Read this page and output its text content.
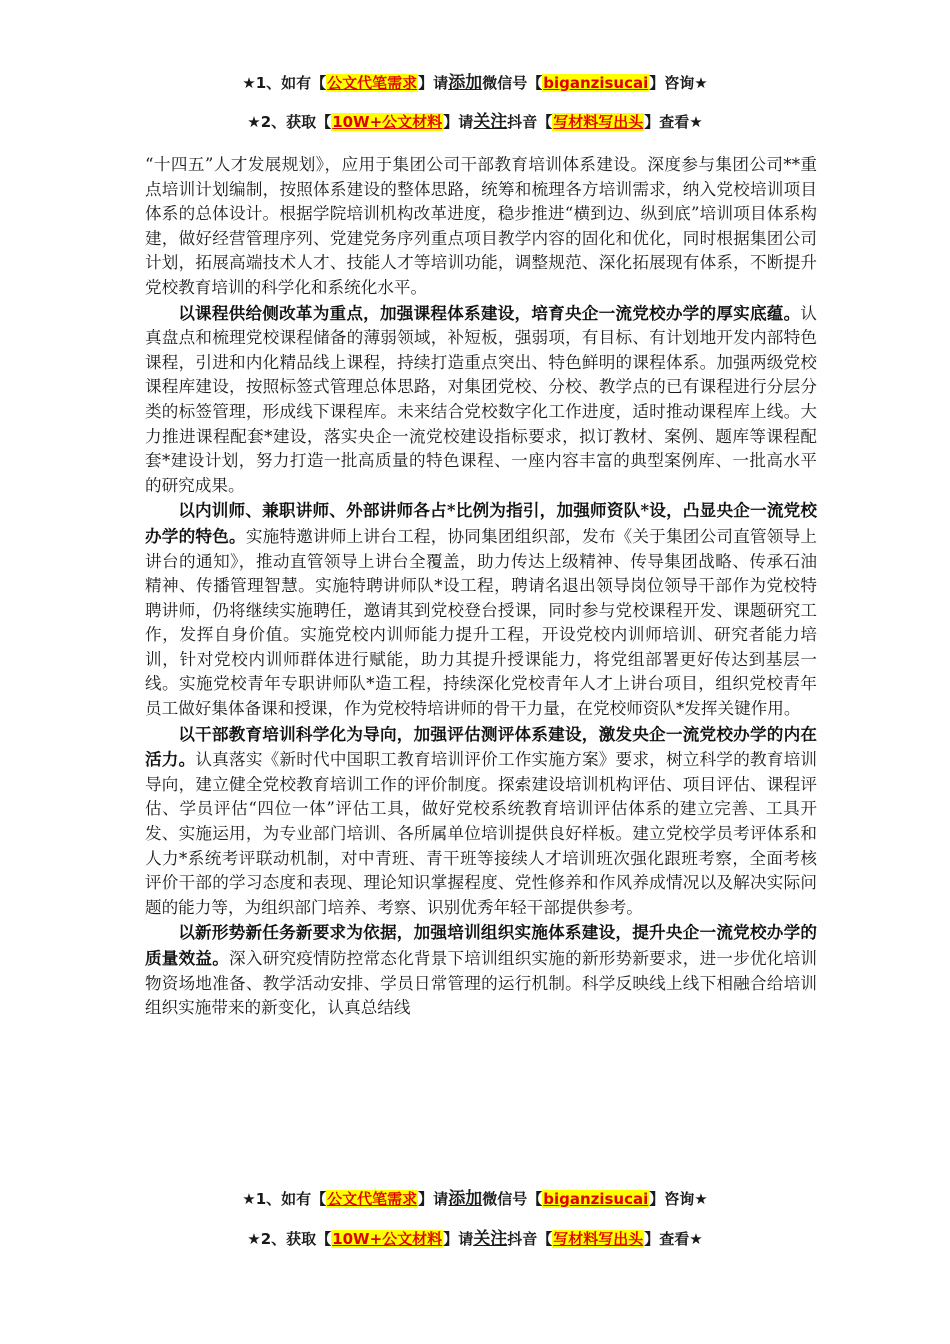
★1、如有【公文代笔需求】请添加微信号【biganzisucai】咨询★
★2、获取【10W+公文材料】请关注抖音【写材料写出头】查看★

“十四五”人才发展规划》，应用于集团公司干部教育培训体系建设。深度参与集团公司**重点培训计划编制，按照体系建设的整体思路，统筹和梳理各方培训需求，纳入党校培训项目体系的总体设计。根据学院培训机构改革进度，稳步推进“横到边、纵到底”培训项目体系构建，做好经营管理序列、党建党务序列重点项目教学内容的固化和优化，同时根据集团公司计划，拓展高端技术人才、技能人才等培训功能，调整规范、深化拓展现有体系，不断提升党校教育培训的科学化和系统化水平。

以课程供给侧改革为重点，加强课程体系建设，培育央企一流党校办学的厚实底蕴。认真盘点和梳理党校课程储备的薄弱领域，补短板，强弱项，有目标、有计划地开发内部特色课程，引进和内化精品线上课程，持续打造重点突出、特色鲜明的课程体系。加强两级党校课程库建设，按照标签式管理总体思路，对集团党校、分校、教学点的已有课程进行分层分类的标签管理，形成线下课程库。未来结合党校数字化工作进度，适时推动课程库上线。大力推进课程配套*建设，落实央企一流党校建设指标要求，拟订教材、案例、题库等课程配套*建设计划，努力打造一批高质量的特色课程、一座内容丰富的典型案例库、一批高水平的研究成果。

以内训师、兼职讲师、外部讲师各占*比例为指引，加强师资队*设，凸显央企一流党校办学的特色。实施特邀讲师上讲台工程，协同集团组织部，发布《关于集团公司直管领导上讲台的通知》，推动直管领导上讲台全覆盖，助力传达上级精神、传导集团战略、传承石油精神、传播管理智慧。实施特聘讲师队*设工程，聘请名退出领导岗位领导干部作为党校特聘讲师，仍将继续实施聘任，邀请其到党校登台授课，同时参与党校课程开发、课题研究工作，发挥自身价值。实施党校内训师能力提升工程，开设党校内训师培训、研究者能力培训，针对党校内训师群体进行赋能，助力其提升授课能力，将党组部署更好传达到基层一线。实施党校青年专职讲师队*造工程，持续深化党校青年人才上讲台项目，组织党校青年员工做好集体备课和授课，作为党校特培讲师的骨干力量，在党校师资队*发挥关键作用。

以干部教育培训科学化为导向，加强评估测评体系建设，激发央企一流党校办学的内在活力。认真落实《新时代中国职工教育培训评价工作实施方案》要求，树立科学的教育培训导向，建立健全党校教育培训工作的评价制度。探索建设培训机构评估、项目评估、课程评估、学员评估“四位一体”评估工具，做好党校系统教育培训评估体系的建立完善、工具开发、实施运用，为专业部门培训、各所属单位培训提供良好样板。建立党校学员考评体系和人力*系统考评联动机制，对中青班、青干班等接续人才培训班次强化跟班考察，全面考核评价干部的学习态度和表现、理论知识掌握程度、党性修养和作风养成情况以及解决实际问题的能力等，为组织部门培养、考察、识别优秀年轻干部提供参考。

以新形势新任务新要求为依据，加强培训组织实施体系建设，提升央企一流党校办学的质量效益。深入研究疫情防控常态化背景下培训组织实施的新形势新要求，进一步优化培训物资场地准备、教学活动安排、学员日常管理的运行机制。科学反映线上线下相融合给培训组织实施带来的新变化，认真总结线

★1、如有【公文代笔需求】请添加微信号【biganzisucai】咨询★
★2、获取【10W+公文材料】请关注抖音【写材料写出头】查看★
